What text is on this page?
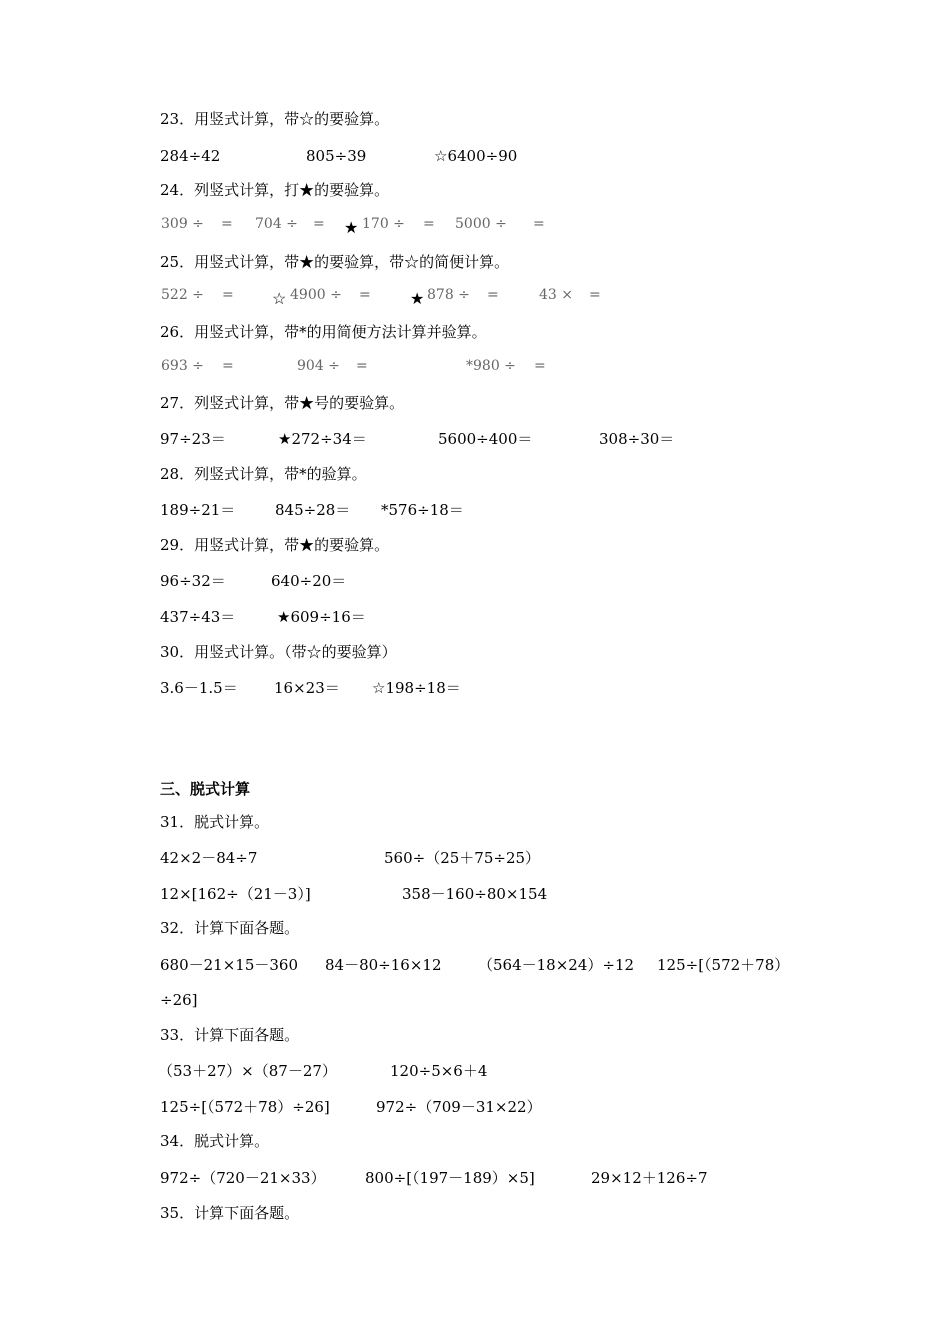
23．用竖式计算，带☆的要验算。
284÷42	805÷39	☆6400÷90
24．列竖式计算，打★的要验算。
309 ÷ = 704 ÷ = ★ 170 ÷ = 5000 ÷ =
25．用竖式计算，带★的要验算，带☆的简便计算。
522 ÷ = ☆ 4900 ÷ = ★ 878 ÷ =	43 × =
26．用竖式计算，带*的用简便方法计算并验算。
693 ÷ =	904 ÷ =	*980 ÷ =
27．列竖式计算，带★号的要验算。
97÷23＝	★272÷34＝	5600÷400＝	308÷30＝
28．列竖式计算，带*的验算。
189÷21＝	845÷28＝ *576÷18＝
29．用竖式计算，带★的要验算。
96÷32＝	640÷20＝
437÷43＝	★609÷16＝
30．用竖式计算。（带☆的要验算）
3.6－1.5＝ 16×23＝ ☆198÷18＝
三、脱式计算
31．脱式计算。
42×2－84÷7	560÷（25＋75÷25）
12×[162÷（21－3）]	358－160÷80×154
32．计算下面各题。
680－21×15－360 84－80÷16×12 （564－18×24）÷12 125÷[（572＋78）
÷26]
33．计算下面各题。
（53＋27）×（87－27）	120÷5×6＋4
125÷[（572＋78）÷26]	972÷（709－31×22）
34．脱式计算。
972÷（720－21×33）	800÷[（197－189）×5]	29×12＋126÷7
35．计算下面各题。
